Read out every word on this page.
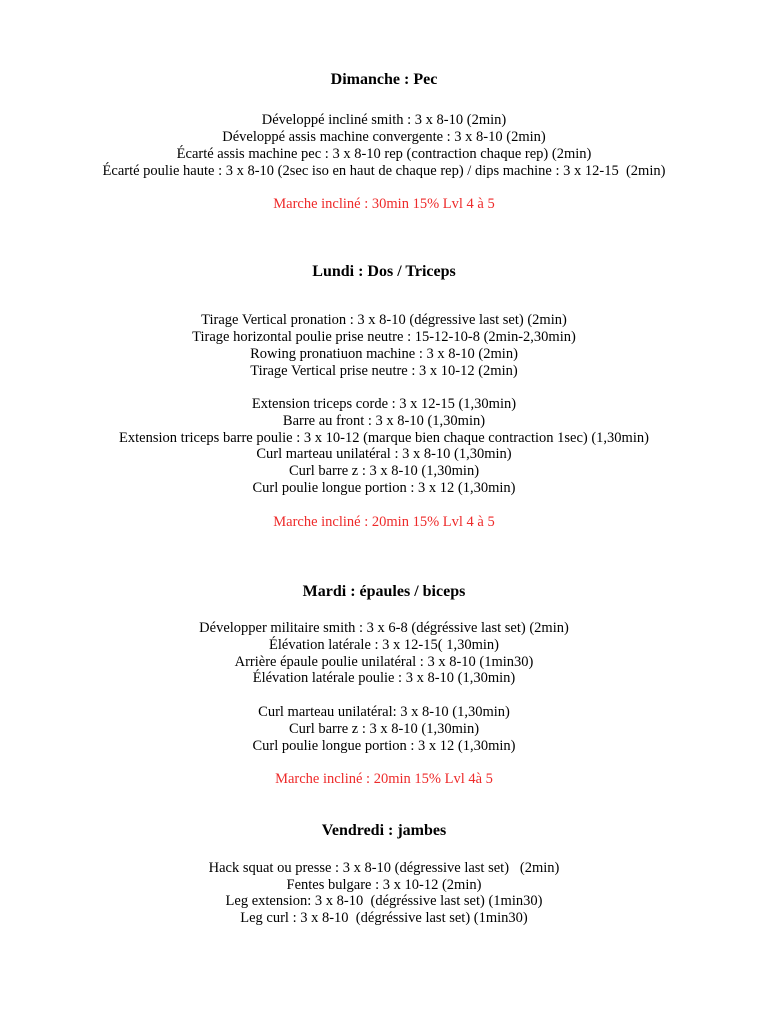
Dimanche : Pec
Développé incliné smith : 3 x 8-10 (2min)
Développé assis machine convergente : 3 x 8-10 (2min)
Écarté assis machine pec : 3 x 8-10 rep (contraction chaque rep) (2min)
Écarté poulie haute : 3 x 8-10 (2sec iso en haut de chaque rep) / dips machine : 3 x 12-15  (2min)
Marche incliné : 30min 15% Lvl 4 à 5
Lundi : Dos / Triceps
Tirage Vertical pronation : 3 x 8-10 (dégressive last set) (2min)
Tirage horizontal poulie prise neutre : 15-12-10-8 (2min-2,30min)
Rowing pronatiuon machine : 3 x 8-10 (2min)
Tirage Vertical prise neutre : 3 x 10-12 (2min)
Extension triceps corde : 3 x 12-15 (1,30min)
Barre au front : 3 x 8-10 (1,30min)
Extension triceps barre poulie : 3 x 10-12 (marque bien chaque contraction 1sec) (1,30min)
Curl marteau unilatéral : 3 x 8-10 (1,30min)
Curl barre z : 3 x 8-10 (1,30min)
Curl poulie longue portion : 3 x 12 (1,30min)
Marche incliné : 20min 15% Lvl 4 à 5
Mardi : épaules / biceps
Développer militaire smith : 3 x 6-8 (dégréssive last set) (2min)
Élévation latérale : 3 x 12-15( 1,30min)
Arrière épaule poulie unilatéral : 3 x 8-10 (1min30)
Élévation latérale poulie : 3 x 8-10 (1,30min)
Curl marteau unilatéral: 3 x 8-10 (1,30min)
Curl barre z : 3 x 8-10 (1,30min)
Curl poulie longue portion : 3 x 12 (1,30min)
Marche incliné : 20min 15% Lvl 4à 5
Vendredi : jambes
Hack squat ou presse : 3 x 8-10 (dégressive last set)   (2min)
Fentes bulgare : 3 x 10-12 (2min)
Leg extension: 3 x 8-10  (dégréssive last set) (1min30)
Leg curl : 3 x 8-10  (dégréssive last set) (1min30)
